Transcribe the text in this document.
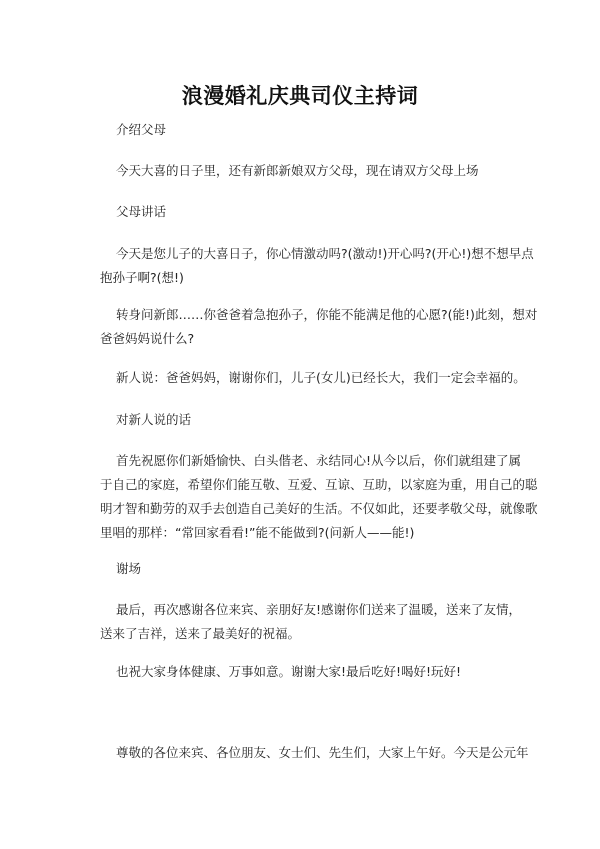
浪漫婚礼庆典司仪主持词
介绍父母
今天大喜的日子里，还有新郎新娘双方父母，现在请双方父母上场
父母讲话
今天是您儿子的大喜日子，你心情激动吗?(激动!)开心吗?(开心!)想不想早点
抱孙子啊?(想!)
转身问新郎……你爸爸着急抱孙子，你能不能满足他的心愿?(能!)此刻，想对
爸爸妈妈说什么?
新人说：爸爸妈妈，谢谢你们，儿子(女儿)已经长大，我们一定会幸福的。
对新人说的话
首先祝愿你们新婚愉快、白头偕老、永结同心!从今以后，你们就组建了属
于自己的家庭，希望你们能互敬、互爱、互谅、互助，以家庭为重，用自己的聪
明才智和勤劳的双手去创造自己美好的生活。不仅如此，还要孝敬父母，就像歌
里唱的那样：“常回家看看!”能不能做到?(问新人——能!)
谢场
最后，再次感谢各位来宾、亲朋好友!感谢你们送来了温暖，送来了友情，
送来了吉祥，送来了最美好的祝福。
也祝大家身体健康、万事如意。谢谢大家!最后吃好!喝好!玩好!
尊敬的各位来宾、各位朋友、女士们、先生们，大家上午好。今天是公元年
